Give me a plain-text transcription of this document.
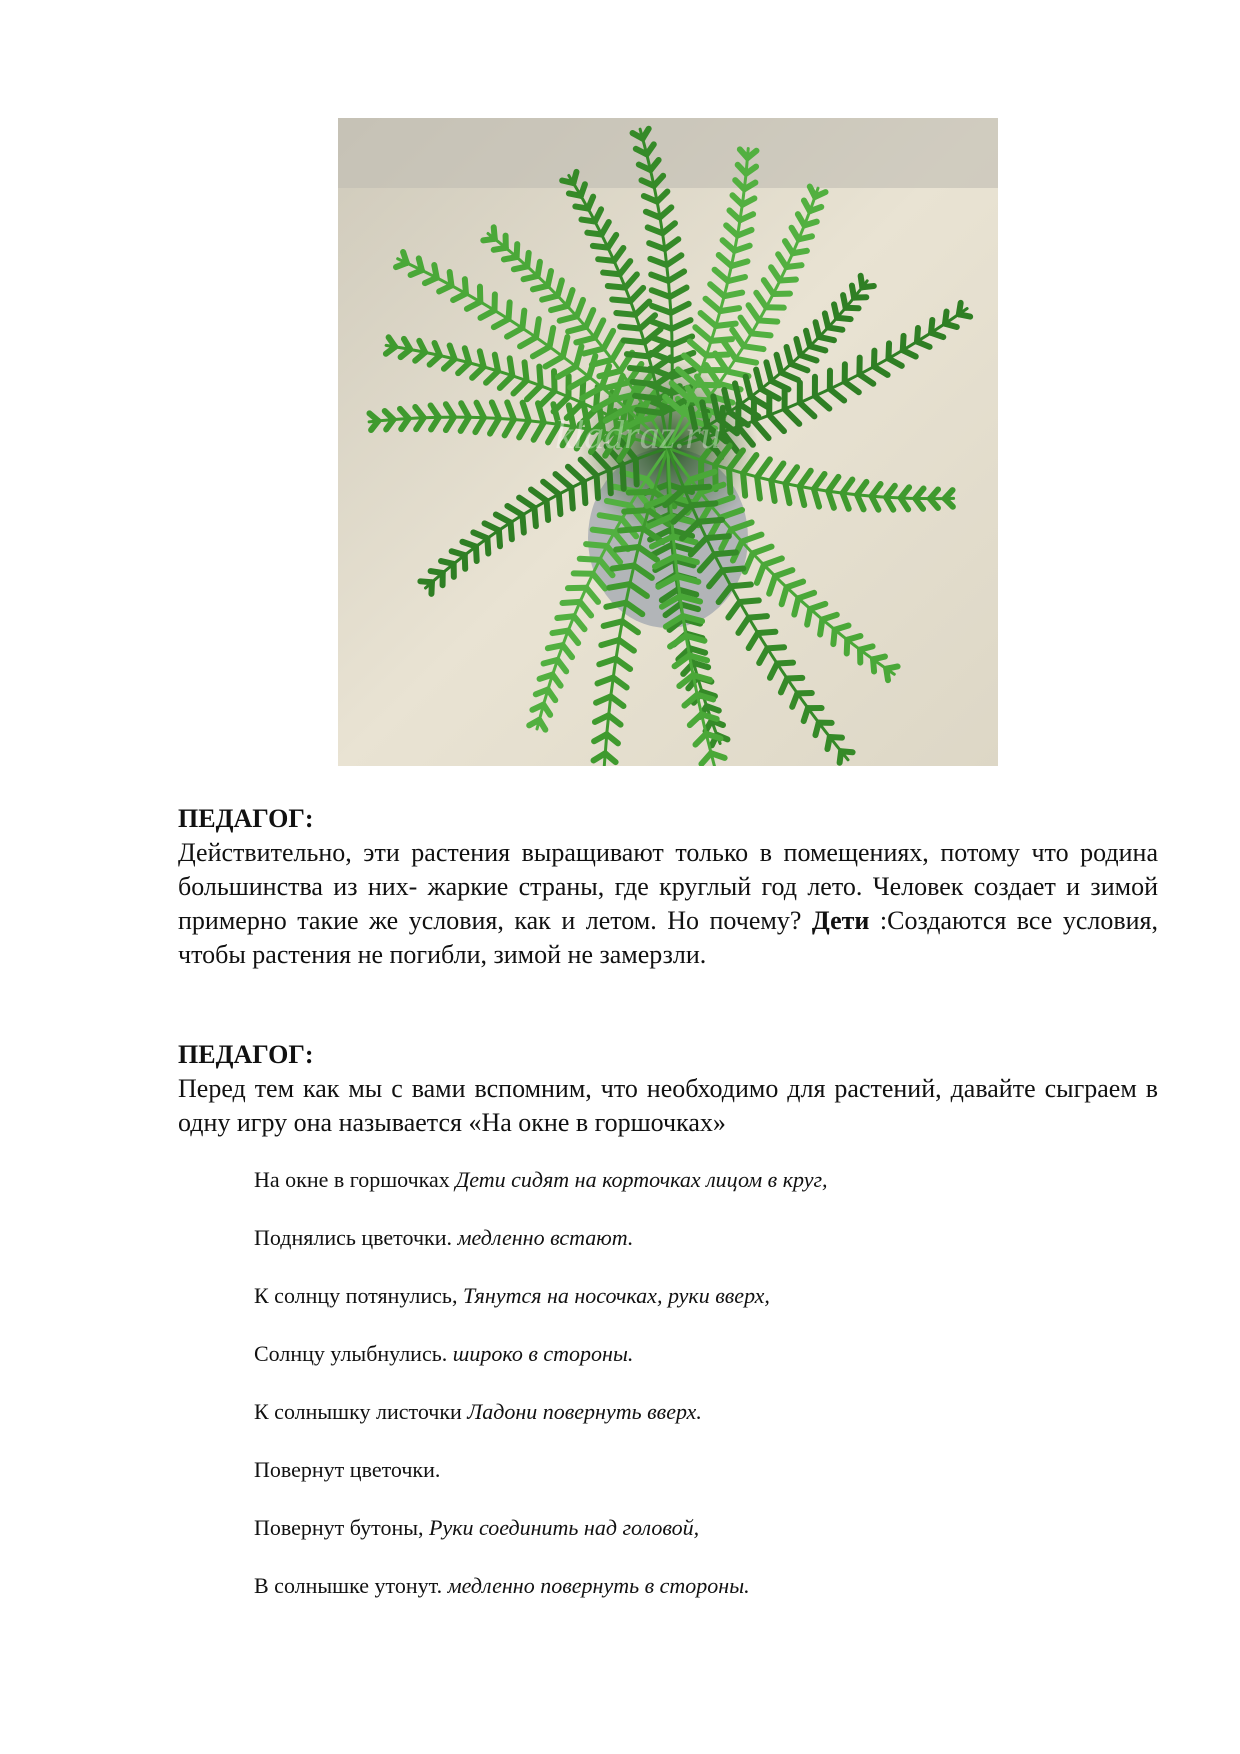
kladraz.ru
ПЕДАГОГ:

Действительно, эти растения выращивают только в помещениях, потому что родина большинства из них- жаркие страны, где круглый год лето. Человек создает и зимой примерно такие же условия, как и летом. Но почему? Дети :Создаются все условия, чтобы растения не погибли, зимой не замерзли.

ПЕДАГОГ:

Перед тем как мы с вами вспомним, что необходимо для растений, давайте сыграем в одну игру она называется «На окне в горшочках»

На окне в горшочках Дети сидят на корточках лицом в круг,
Поднялись цветочки. медленно встают.
К солнцу потянулись, Тянутся на носочках, руки вверх,
Солнцу улыбнулись. широко в стороны.
К солнышку листочки Ладони повернуть вверх.
Повернут цветочки.
Повернут бутоны, Руки соединить над головой,
В солнышке утонут. медленно повернуть в стороны.
